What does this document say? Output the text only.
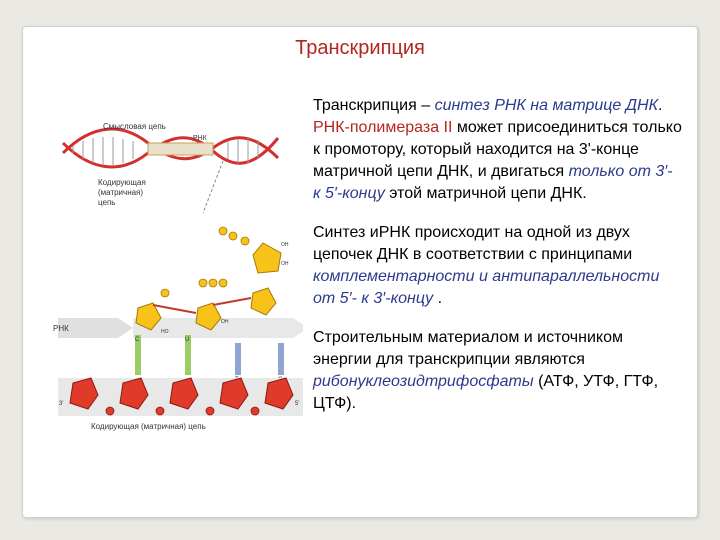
Транскрипция
Смысловая цепь
РНК
Кодирующая
(матричная)
цепь
OH
OH
РНК
OH
HO
C	U
3'	5'
Кодирующая (матричная) цепь

Транскрипция – синтез РНК на матрице ДНК. РНК-полимераза II может присоединиться только к промотору, который находится на 3'-конце матричной цепи ДНК, и двигаться только от 3′- к 5′-концу этой матричной цепи ДНК.

Синтез иРНК происходит на одной из двух цепочек ДНК в соответствии с принципами комплементарности и антипараллельности от 5′- к 3′-концу .

Строительным материалом и источником энергии для транскрипции являются рибонуклеозидтрифосфаты (АТФ, УТФ, ГТФ, ЦТФ).
